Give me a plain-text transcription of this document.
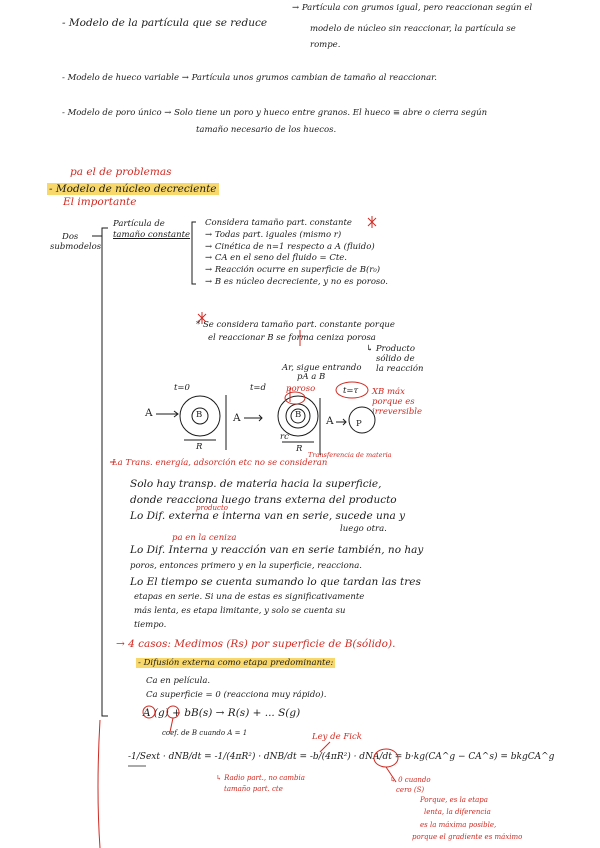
- Modelo de la partícula que se reduce
→ Partícula con grumos igual, pero reaccionan según el
modelo de núcleo sin reaccionar, la partícula se
rompe.
- Modelo de hueco variable → Partícula unos grumos cambian de tamaño al reaccionar.
- Modelo de poro único → Solo tiene un poro y hueco entre granos. El hueco ≡ abre o cierra según
tamaño necesario de los huecos.
pa el de problemas
- Modelo de núcleo decreciente
El importante
Dos
submodelos
Partícula de
tamaño constante
Considera tamaño part. constante
→ Todas part. iguales (mismo r)
→ Cinética de n=1 respecto a A (fluido)
→ CA en el seno del fluido = Cte.
→ Reacción ocurre en superficie de B(r₀)
→ B es núcleo decreciente, y no es poroso.
* Se considera tamaño part. constante porque
el reaccionar B se forma ceniza porosa
↳ Producto
sólido de
la reacción
t=0	t=d poroso
Ar, sigue entrando
pA a B
t=τ XB máx
porque es
irreversible
A	B	A	B A	P
R	R
rc
La Trans. energía, adsorción etc no se consideran
Transferencia de materia
Solo hay transp. de materia hacia la superficie,
donde reacciona luego trans externa del producto
producto
Lo Dif. externa e interna van en serie, sucede una y
luego otra.
pa en la ceniza
Lo Dif. Interna y reacción van en serie también, no hay
poros, entonces primero y en la superficie, reacciona.
Lo El tiempo se cuenta sumando lo que tardan las tres
etapas en serie. Si una de estas es significativamente
más lenta, es etapa limitante, y solo se cuenta su
tiempo.
→ 4 casos: Medimos (Rs) por superficie de B(sólido).
- Difusión externa como etapa predominante:
Ca en película.
Ca superficie = 0 (reacciona muy rápido).
A (g) + bB(s) → R(s) + ... S(g)
coef. de B cuando A = 1	Ley de Fick
-1/Sext · dNB/dt = -1/(4πR²) · dNB/dt = -b/(4πR²) · dNA/dt = b·kg(CA^g − CA^s) = bkgCA^g
↳ Radio part., no cambia
tamaño part. cte
↳ 0 cuando
cero (S)
Porque, es la etapa
lenta, la diferencia
es la máxima posible,
porque el gradiente es máximo
